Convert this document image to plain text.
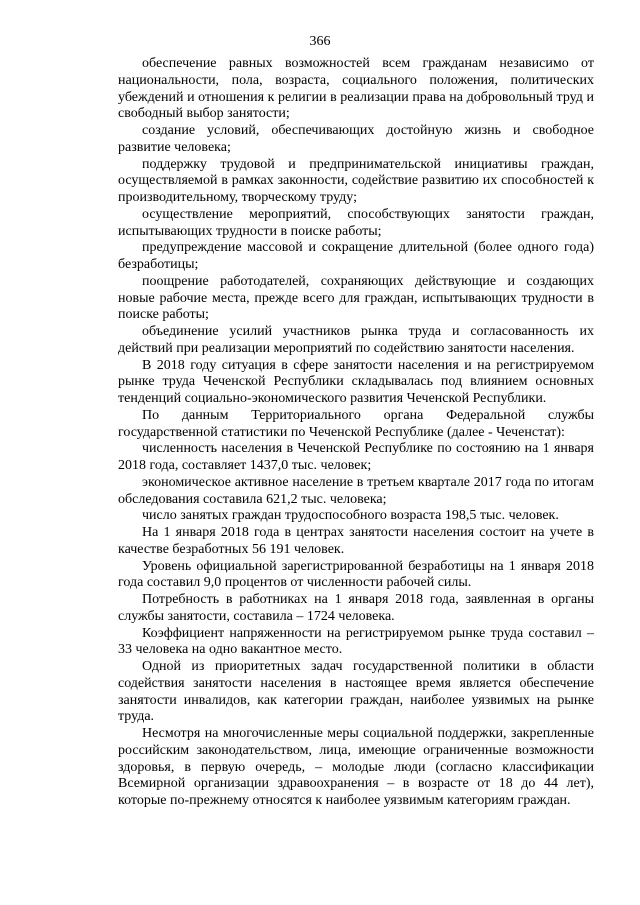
366

обеспечение равных возможностей всем гражданам независимо от национальности, пола, возраста, социального положения, политических убеждений и отношения к религии в реализации права на добровольный труд и свободный выбор занятости;

создание условий, обеспечивающих достойную жизнь и свободное развитие человека;

поддержку трудовой и предпринимательской инициативы граждан, осуществляемой в рамках законности, содействие развитию их способностей к производительному, творческому труду;

осуществление мероприятий, способствующих занятости граждан, испытывающих трудности в поиске работы;

предупреждение массовой и сокращение длительной (более одного года) безработицы;

поощрение работодателей, сохраняющих действующие и создающих новые рабочие места, прежде всего для граждан, испытывающих трудности в поиске работы;

объединение усилий участников рынка труда и согласованность их действий при реализации мероприятий по содействию занятости населения.

В 2018 году ситуация в сфере занятости населения и на регистрируемом рынке труда Чеченской Республики складывалась под влиянием основных тенденций социально-экономического развития Чеченской Республики.

По данным Территориального органа Федеральной службы государственной статистики по Чеченской Республике (далее - Чеченстат):

численность населения в Чеченской Республике по состоянию на 1 января 2018 года, составляет 1437,0 тыс. человек;

экономическое активное население в третьем квартале 2017 года по итогам обследования составила 621,2 тыс. человека;

число занятых граждан трудоспособного возраста 198,5 тыс. человек.

На 1 января 2018 года в центрах занятости населения состоит на учете в качестве безработных 56 191 человек.

Уровень официальной зарегистрированной безработицы на 1 января 2018 года составил 9,0 процентов от численности рабочей силы.

Потребность в работниках на 1 января 2018 года, заявленная в органы службы занятости, составила – 1724 человека.

Коэффициент напряженности на регистрируемом рынке труда составил – 33 человека на одно вакантное место.

Одной из приоритетных задач государственной политики в области содействия занятости населения в настоящее время является обеспечение занятости инвалидов, как категории граждан, наиболее уязвимых на рынке труда.

Несмотря на многочисленные меры социальной поддержки, закрепленные российским законодательством, лица, имеющие ограниченные возможности здоровья, в первую очередь, – молодые люди (согласно классификации Всемирной организации здравоохранения – в возрасте от 18 до 44 лет), которые по-прежнему относятся к наиболее уязвимым категориям граждан.
